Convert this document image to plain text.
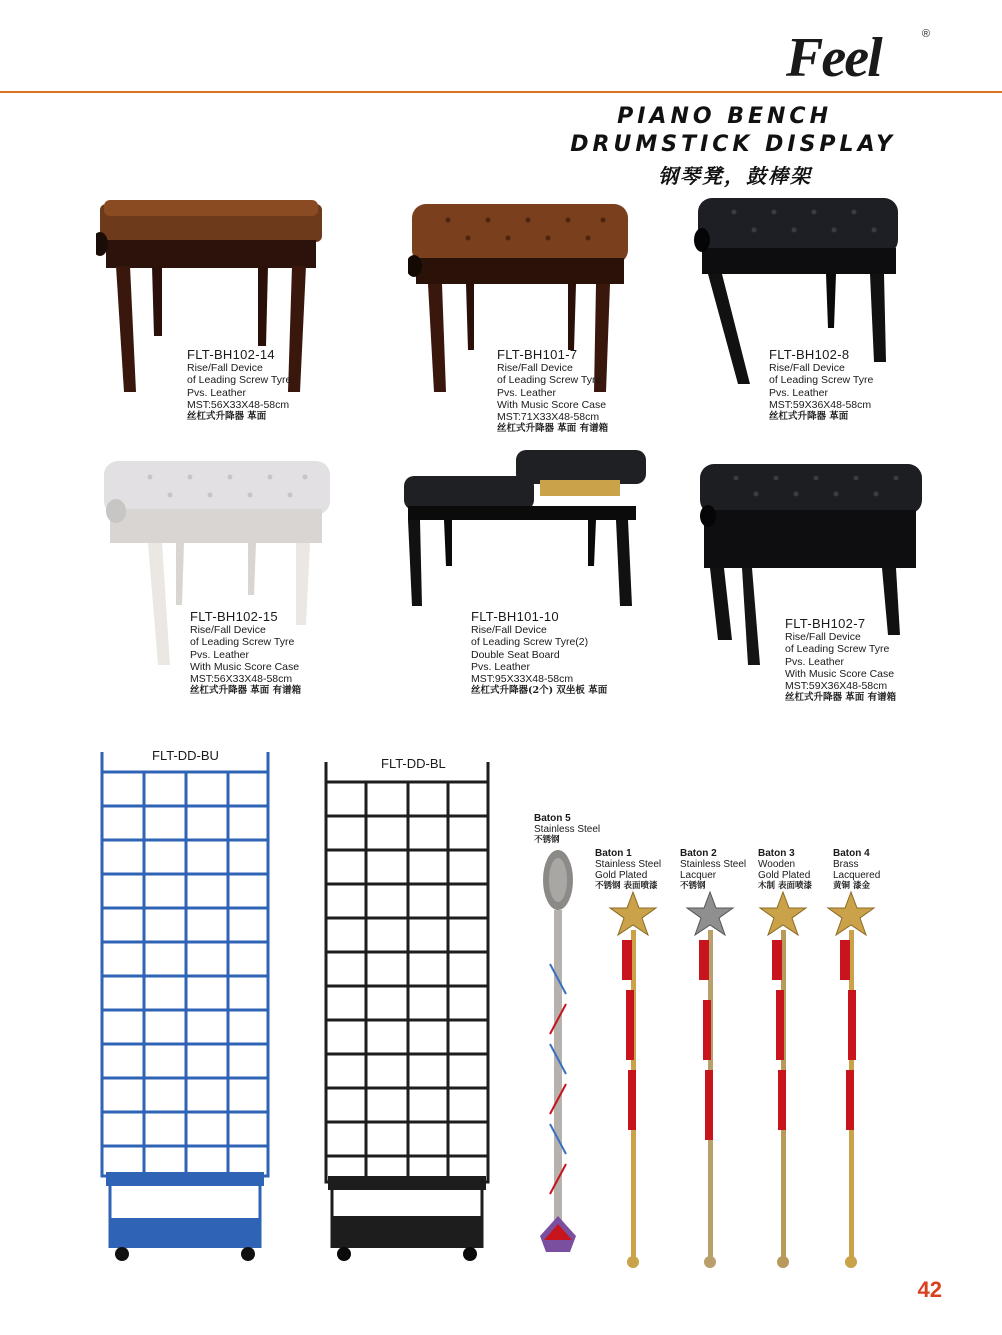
Feel	®
PIANO BENCH
DRUMSTICK DISPLAY
钢琴凳，鼓棒架
FLT-BH102-14
Rise/Fall Device
of Leading Screw Tyre
Pvs. Leather
MST:56X33X48-58cm
丝杠式升降器 革面
FLT-BH101-7
Rise/Fall Device
of Leading Screw Tyre
Pvs. Leather
With Music Score Case
MST:71X33X48-58cm
丝杠式升降器 革面 有谱箱
FLT-BH102-8
Rise/Fall Device
of Leading Screw Tyre
Pvs. Leather
MST:59X36X48-58cm
丝杠式升降器 革面
FLT-BH102-15
Rise/Fall Device
of Leading Screw Tyre
Pvs. Leather
With Music Score Case
MST:56X33X48-58cm
丝杠式升降器 革面 有谱箱
FLT-BH101-10
Rise/Fall Device
of Leading Screw Tyre(2)
Double Seat Board
Pvs. Leather
MST:95X33X48-58cm
丝杠式升降器(2个) 双坐板 革面
FLT-BH102-7
Rise/Fall Device
of Leading Screw Tyre
Pvs. Leather
With Music Score Case
MST:59X36X48-58cm
丝杠式升降器 革面 有谱箱
FLT-DD-BU
FLT-DD-BL
Baton 5
Stainless Steel
不锈钢
Baton 1
Stainless Steel
Gold Plated
不锈钢 表面喷漆
Baton 2
Stainless Steel
Lacquer
不锈钢
Baton 3
Wooden
Gold Plated
木制 表面喷漆
Baton 4
Brass
Lacquered
黄铜 漆金
42
